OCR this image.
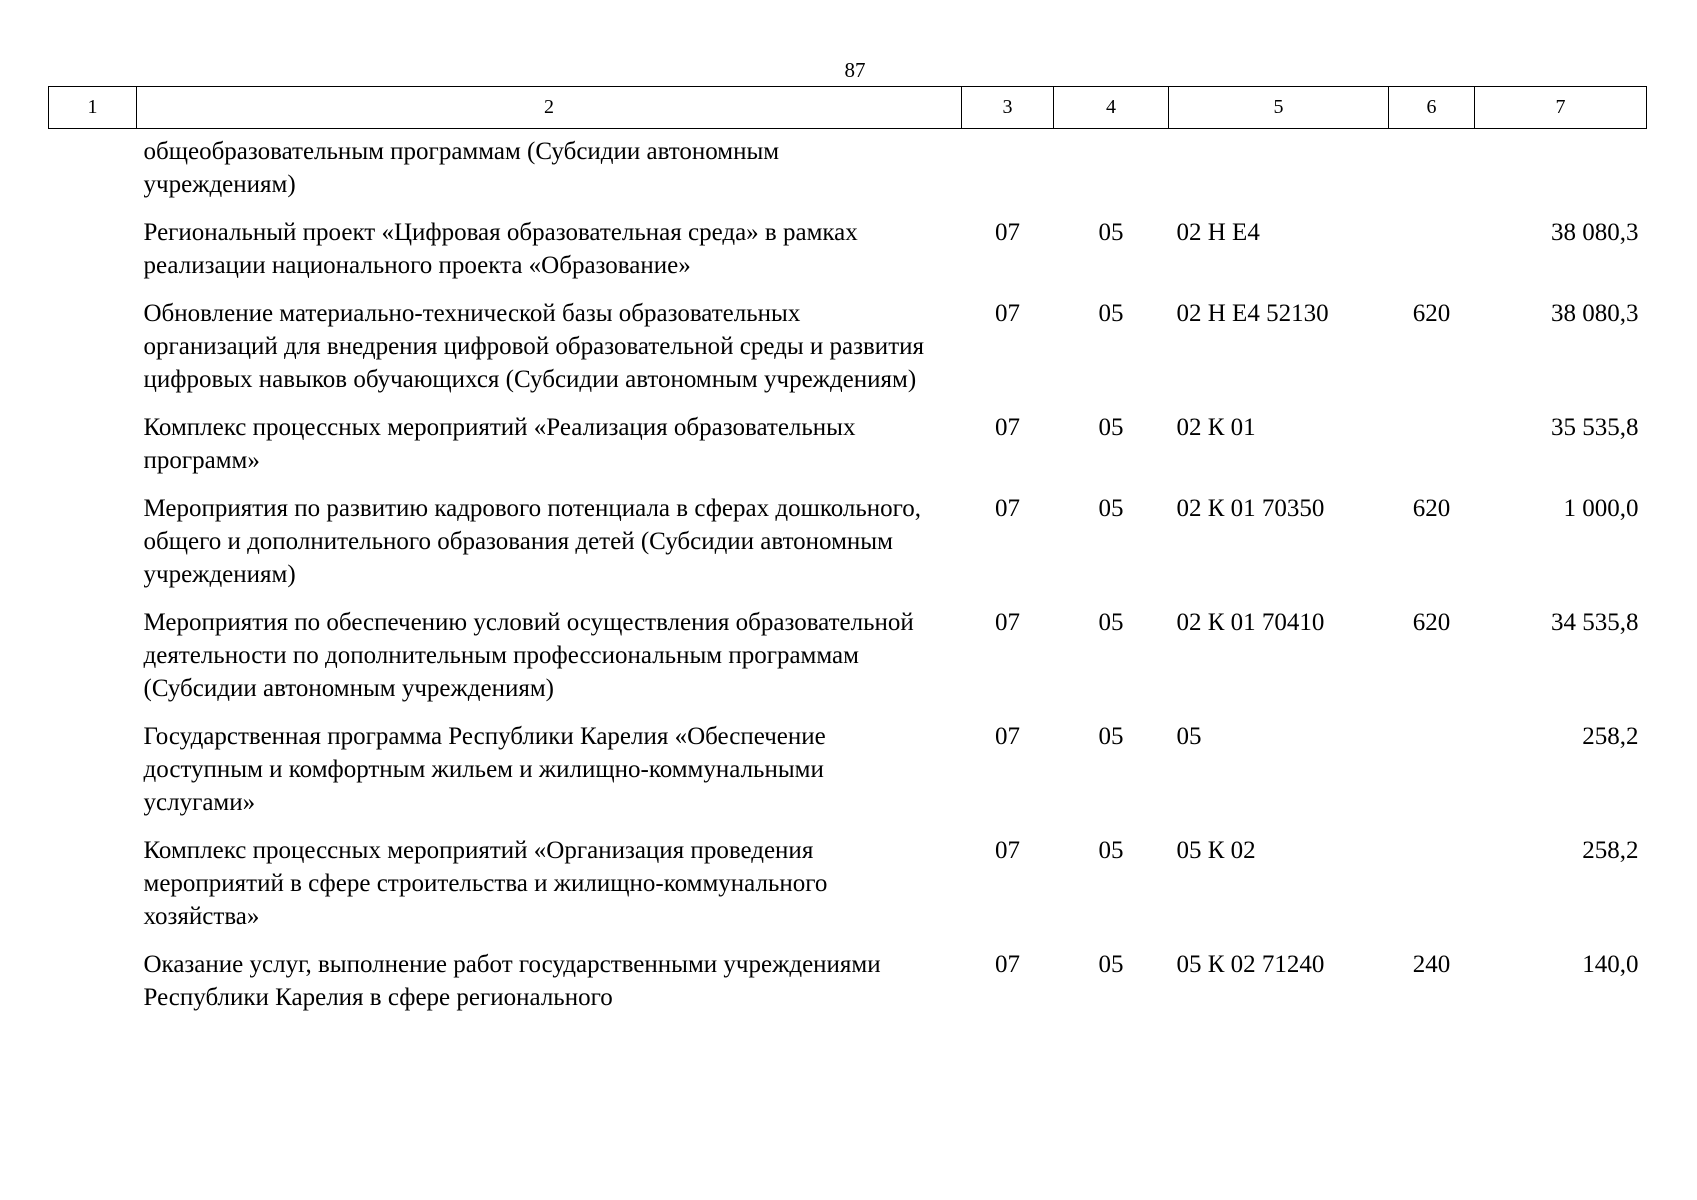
87
1	2	3	4	5	6	7
общеобразовательным программам (Субсидии автономным учреждениям)						
Региональный проект «Цифровая образовательная среда» в рамках реализации национального проекта «Образование»		07	05	02 Н Е4		38 080,3
Обновление материально-технической базы образовательных организаций для внедрения цифровой образовательной среды и развития цифровых навыков обучающихся (Субсидии автономным учреждениям)		07	05	02 Н Е4 52130	620	38 080,3
Комплекс процессных мероприятий «Реализация образовательных программ»		07	05	02 К 01		35 535,8
Мероприятия по развитию кадрового потенциала в сферах дошкольного, общего и дополнительного образования детей (Субсидии автономным учреждениям)		07	05	02 К 01 70350	620	1 000,0
Мероприятия по обеспечению условий осуществления образовательной деятельности по дополнительным профессиональным программам (Субсидии автономным учреждениям)		07	05	02 К 01 70410	620	34 535,8
Государственная программа Республики Карелия «Обеспечение доступным и комфортным жильем и жилищно-коммунальными услугами»		07	05	05		258,2
Комплекс процессных мероприятий «Организация проведения мероприятий в сфере строительства и жилищно-коммунального хозяйства»		07	05	05 К 02		258,2
Оказание услуг, выполнение работ государственными учреждениями Республики Карелия в сфере регионального		07	05	05 К 02 71240	240	140,0
